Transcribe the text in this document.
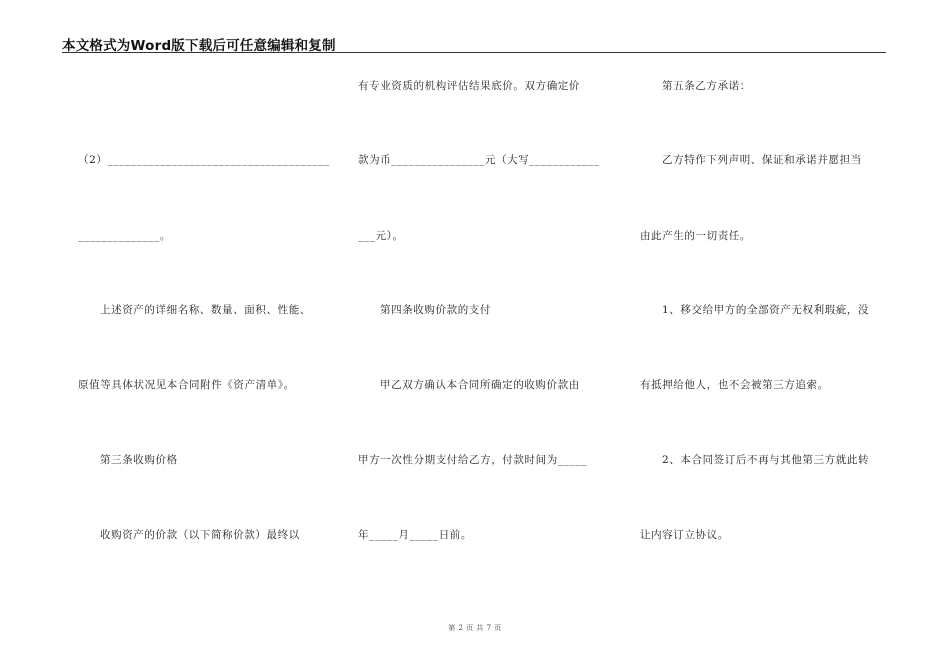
本文格式为Word版下载后可任意编辑和复制
（2）______________________________________
______________。
上述资产的详细名称、数量、面积、性能、
原值等具体状况见本合同附件《资产清单》。
第三条收购价格
收购资产的价款（以下简称价款）最终以
有专业资质的机构评估结果底价。双方确定价
款为币________________元（大写____________
___元）。
第四条收购价款的支付
甲乙双方确认本合同所确定的收购价款由
甲方一次性分期支付给乙方，付款时间为_____
年_____月_____日前。
第五条乙方承诺：
乙方特作下列声明、保证和承诺并愿担当
由此产生的一切责任。
1、移交给甲方的全部资产无权利瑕疵，没
有抵押给他人，也不会被第三方追索。
2、本合同签订后不再与其他第三方就此转
让内容订立协议。
第 2 页 共 7 页
